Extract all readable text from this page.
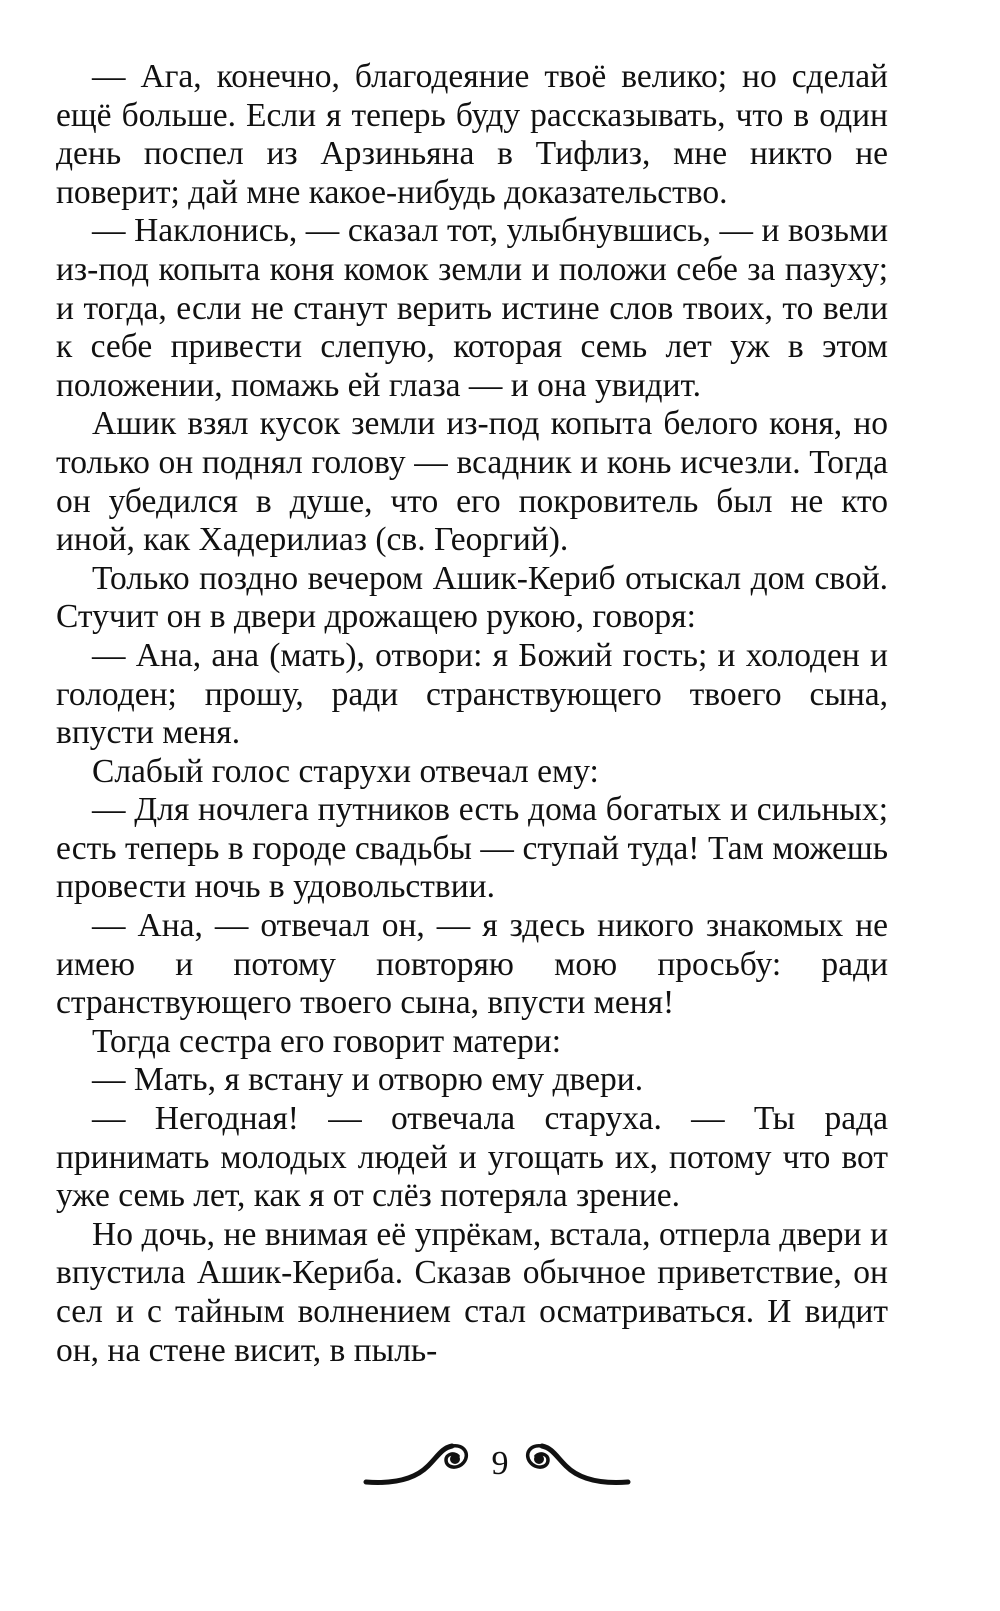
— Ага, конечно, благодеяние твоё велико; но сделай ещё больше. Если я теперь буду рассказывать, что в один день поспел из Арзиньяна в Тифлиз, мне никто не поверит; дай мне какое-нибудь доказательство.

— Наклонись, — сказал тот, улыбнувшись, — и возьми из-под копыта коня комок земли и положи себе за пазуху; и тогда, если не станут верить истине слов твоих, то вели к себе привести слепую, которая семь лет уж в этом положении, помажь ей глаза — и она увидит.

Ашик взял кусок земли из-под копыта белого коня, но только он поднял голову — всадник и конь исчезли. Тогда он убедился в душе, что его покровитель был не кто иной, как Хадерилиаз (св. Георгий).

Только поздно вечером Ашик-Кериб отыскал дом свой. Стучит он в двери дрожащею рукою, говоря:

— Ана, ана (мать), отвори: я Божий гость; и холоден и голоден; прошу, ради странствующего твоего сына, впусти меня.

Слабый голос старухи отвечал ему:

— Для ночлега путников есть дома богатых и сильных; есть теперь в городе свадьбы — ступай туда! Там можешь провести ночь в удовольствии.

— Ана, — отвечал он, — я здесь никого знакомых не имею и потому повторяю мою просьбу: ради странствующего твоего сына, впусти меня!

Тогда сестра его говорит матери:

— Мать, я встану и отворю ему двери.

— Негодная! — отвечала старуха. — Ты рада принимать молодых людей и угощать их, потому что вот уже семь лет, как я от слёз потеряла зрение.

Но дочь, не внимая её упрёкам, встала, отперла двери и впустила Ашик-Кериба. Сказав обычное приветствие, он сел и с тайным волнением стал осматриваться. И видит он, на стене висит, в пыль-

9
